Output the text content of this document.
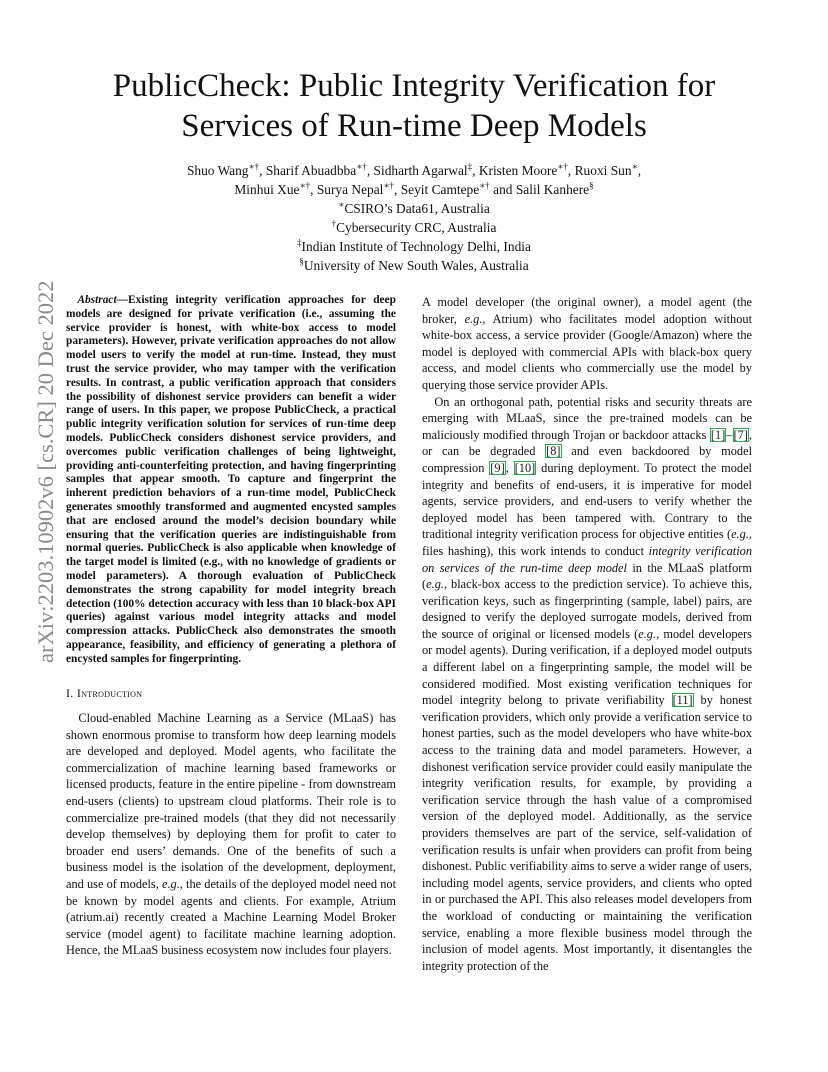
arXiv:2203.10902v6 [cs.CR] 20 Dec 2022
PublicCheck: Public Integrity Verification for
Services of Run-time Deep Models
Shuo Wang∗†, Sharif Abuadbba∗†, Sidharth Agarwal‡, Kristen Moore∗†, Ruoxi Sun∗,
Minhui Xue∗†, Surya Nepal∗†, Seyit Camtepe∗† and Salil Kanhere§
∗CSIRO’s Data61, Australia
†Cybersecurity CRC, Australia
‡Indian Institute of Technology Delhi, India
§University of New South Wales, Australia

Abstract—Existing integrity verification approaches for deep models are designed for private verification (i.e., assuming the service provider is honest, with white-box access to model parameters). However, private verification approaches do not allow model users to verify the model at run-time. Instead, they must trust the service provider, who may tamper with the verification results. In contrast, a public verification approach that considers the possibility of dishonest service providers can benefit a wider range of users. In this paper, we propose PublicCheck, a practical public integrity verification solution for services of run-time deep models. PublicCheck considers dishonest service providers, and overcomes public verification challenges of being lightweight, providing anti-counterfeiting protection, and having fingerprinting samples that appear smooth. To capture and fingerprint the inherent prediction behaviors of a run-time model, PublicCheck generates smoothly transformed and augmented encysted samples that are enclosed around the model’s decision boundary while ensuring that the verification queries are indistinguishable from normal queries. PublicCheck is also applicable when knowledge of the target model is limited (e.g., with no knowledge of gradients or model parameters). A thorough evaluation of PublicCheck demonstrates the strong capability for model integrity breach detection (100% detection accuracy with less than 10 black-box API queries) against various model integrity attacks and model compression attacks. PublicCheck also demonstrates the smooth appearance, feasibility, and efficiency of generating a plethora of encysted samples for fingerprinting.

I. Introduction

Cloud-enabled Machine Learning as a Service (MLaaS) has shown enormous promise to transform how deep learning models are developed and deployed. Model agents, who facilitate the commercialization of machine learning based frameworks or licensed products, feature in the entire pipeline - from downstream end-users (clients) to upstream cloud platforms. Their role is to commercialize pre-trained models (that they did not necessarily develop themselves) by deploying them for profit to cater to broader end users’ demands. One of the benefits of such a business model is the isolation of the development, deployment, and use of models, e.g., the details of the deployed model need not be known by model agents and clients. For example, Atrium (atrium.ai) recently created a Machine Learning Model Broker service (model agent) to facilitate machine learning adoption. Hence, the MLaaS business ecosystem now includes four players.

A model developer (the original owner), a model agent (the broker, e.g., Atrium) who facilitates model adoption without white-box access, a service provider (Google/Amazon) where the model is deployed with commercial APIs with black-box query access, and model clients who commercially use the model by querying those service provider APIs.

On an orthogonal path, potential risks and security threats are emerging with MLaaS, since the pre-trained models can be maliciously modified through Trojan or backdoor attacks [1]–[7], or can be degraded [8] and even backdoored by model compression [9], [10] during deployment. To protect the model integrity and benefits of end-users, it is imperative for model agents, service providers, and end-users to verify whether the deployed model has been tampered with. Contrary to the traditional integrity verification process for objective entities (e.g., files hashing), this work intends to conduct integrity verification on services of the run-time deep model in the MLaaS platform (e.g., black-box access to the prediction service). To achieve this, verification keys, such as fingerprinting (sample, label) pairs, are designed to verify the deployed surrogate models, derived from the source of original or licensed models (e.g., model developers or model agents). During verification, if a deployed model outputs a different label on a fingerprinting sample, the model will be considered modified. Most existing verification techniques for model integrity belong to private verifiability [11] by honest verification providers, which only provide a verification service to honest parties, such as the model developers who have white-box access to the training data and model parameters. However, a dishonest verification service provider could easily manipulate the integrity verification results, for example, by providing a verification service through the hash value of a compromised version of the deployed model. Additionally, as the service providers themselves are part of the service, self-validation of verification results is unfair when providers can profit from being dishonest. Public verifiability aims to serve a wider range of users, including model agents, service providers, and clients who opted in or purchased the API. This also releases model developers from the workload of conducting or maintaining the verification service, enabling a more flexible business model through the inclusion of model agents. Most importantly, it disentangles the integrity protection of the
